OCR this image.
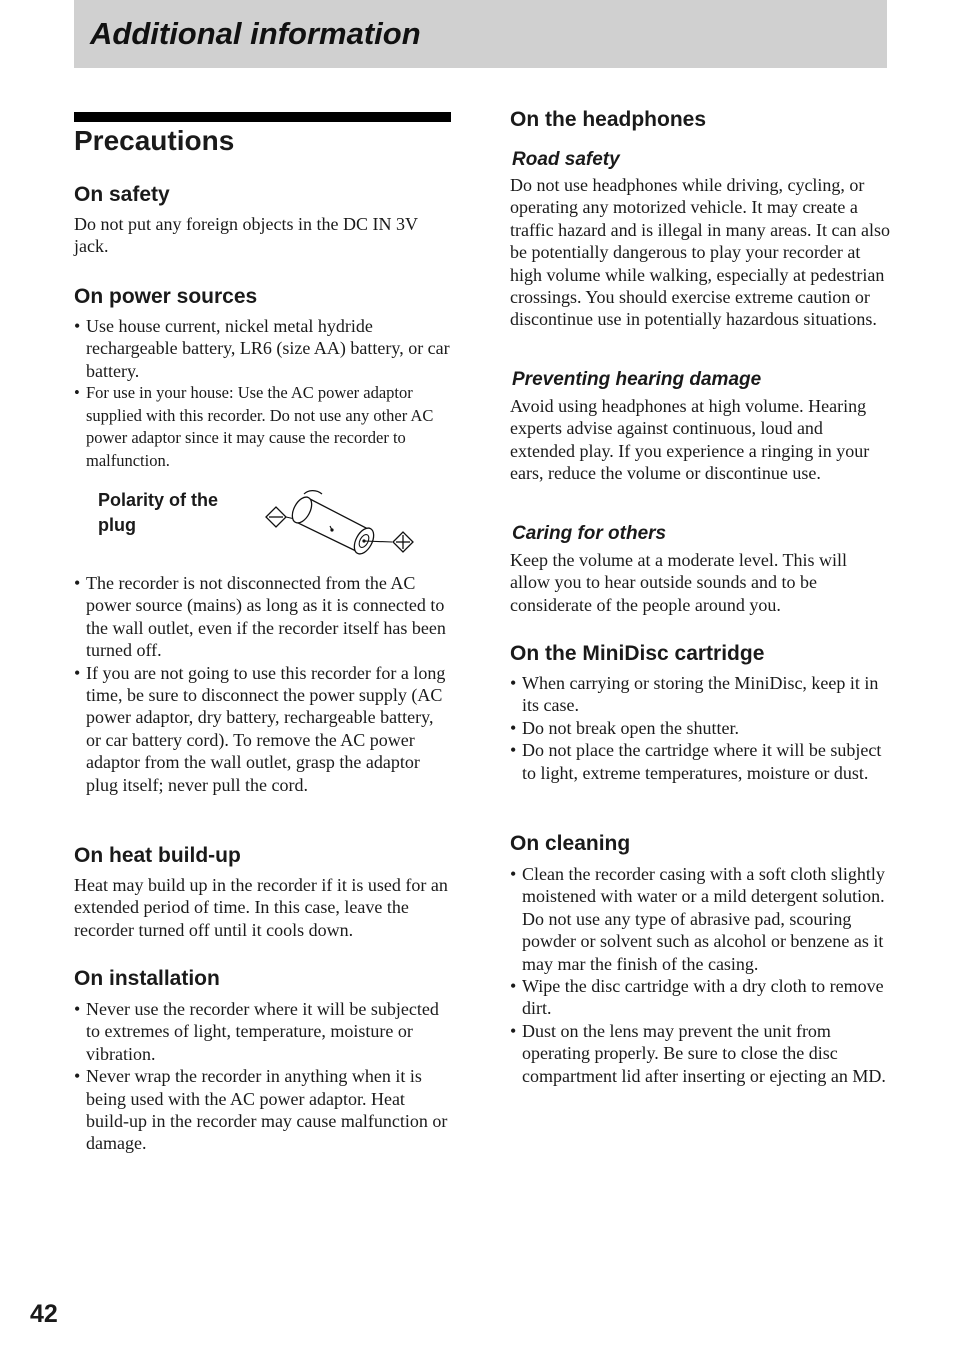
Additional information
Precautions
On safety

Do not put any foreign objects in the DC IN 3V jack.

On power sources
• Use house current, nickel metal hydride rechargeable battery, LR6 (size AA) battery, or car battery.
• For use in your house: Use the AC power adaptor supplied with this recorder. Do not use any other AC power adaptor since it may cause the recorder to malfunction.

Polarity of the plug

• The recorder is not disconnected from the AC power source (mains) as long as it is connected to the wall outlet, even if the recorder itself has been turned off.
• If you are not going to use this recorder for a long time, be sure to disconnect the power supply (AC power adaptor, dry battery, rechargeable battery, or car battery cord). To remove the AC power adaptor from the wall outlet, grasp the adaptor plug itself; never pull the cord.
On heat build-up

Heat may build up in the recorder if it is used for an extended period of time. In this case, leave the recorder turned off until it cools down.

On installation
• Never use the recorder where it will be subjected to extremes of light, temperature, moisture or vibration.
• Never wrap the recorder in anything when it is being used with the AC power adaptor. Heat build-up in the recorder may cause malfunction or damage.
On the headphones
Road safety

Do not use headphones while driving, cycling, or operating any motorized vehicle. It may create a traffic hazard and is illegal in many areas. It can also be potentially dangerous to play your recorder at high volume while walking, especially at pedestrian crossings. You should exercise extreme caution or discontinue use in potentially hazardous situations.

Preventing hearing damage

Avoid using headphones at high volume. Hearing experts advise against continuous, loud and extended play. If you experience a ringing in your ears, reduce the volume or discontinue use.

Caring for others

Keep the volume at a moderate level. This will allow you to hear outside sounds and to be considerate of the people around you.

On the MiniDisc cartridge
• When carrying or storing the MiniDisc, keep it in its case.
• Do not break open the shutter.
• Do not place the cartridge where it will be subject to light, extreme temperatures, moisture or dust.
On cleaning
• Clean the recorder casing with a soft cloth slightly moistened with water or a mild detergent solution. Do not use any type of abrasive pad, scouring powder or solvent such as alcohol or benzene as it may mar the finish of the casing.
• Wipe the disc cartridge with a dry cloth to remove dirt.
• Dust on the lens may prevent the unit from operating properly. Be sure to close the disc compartment lid after inserting or ejecting an MD.

42
